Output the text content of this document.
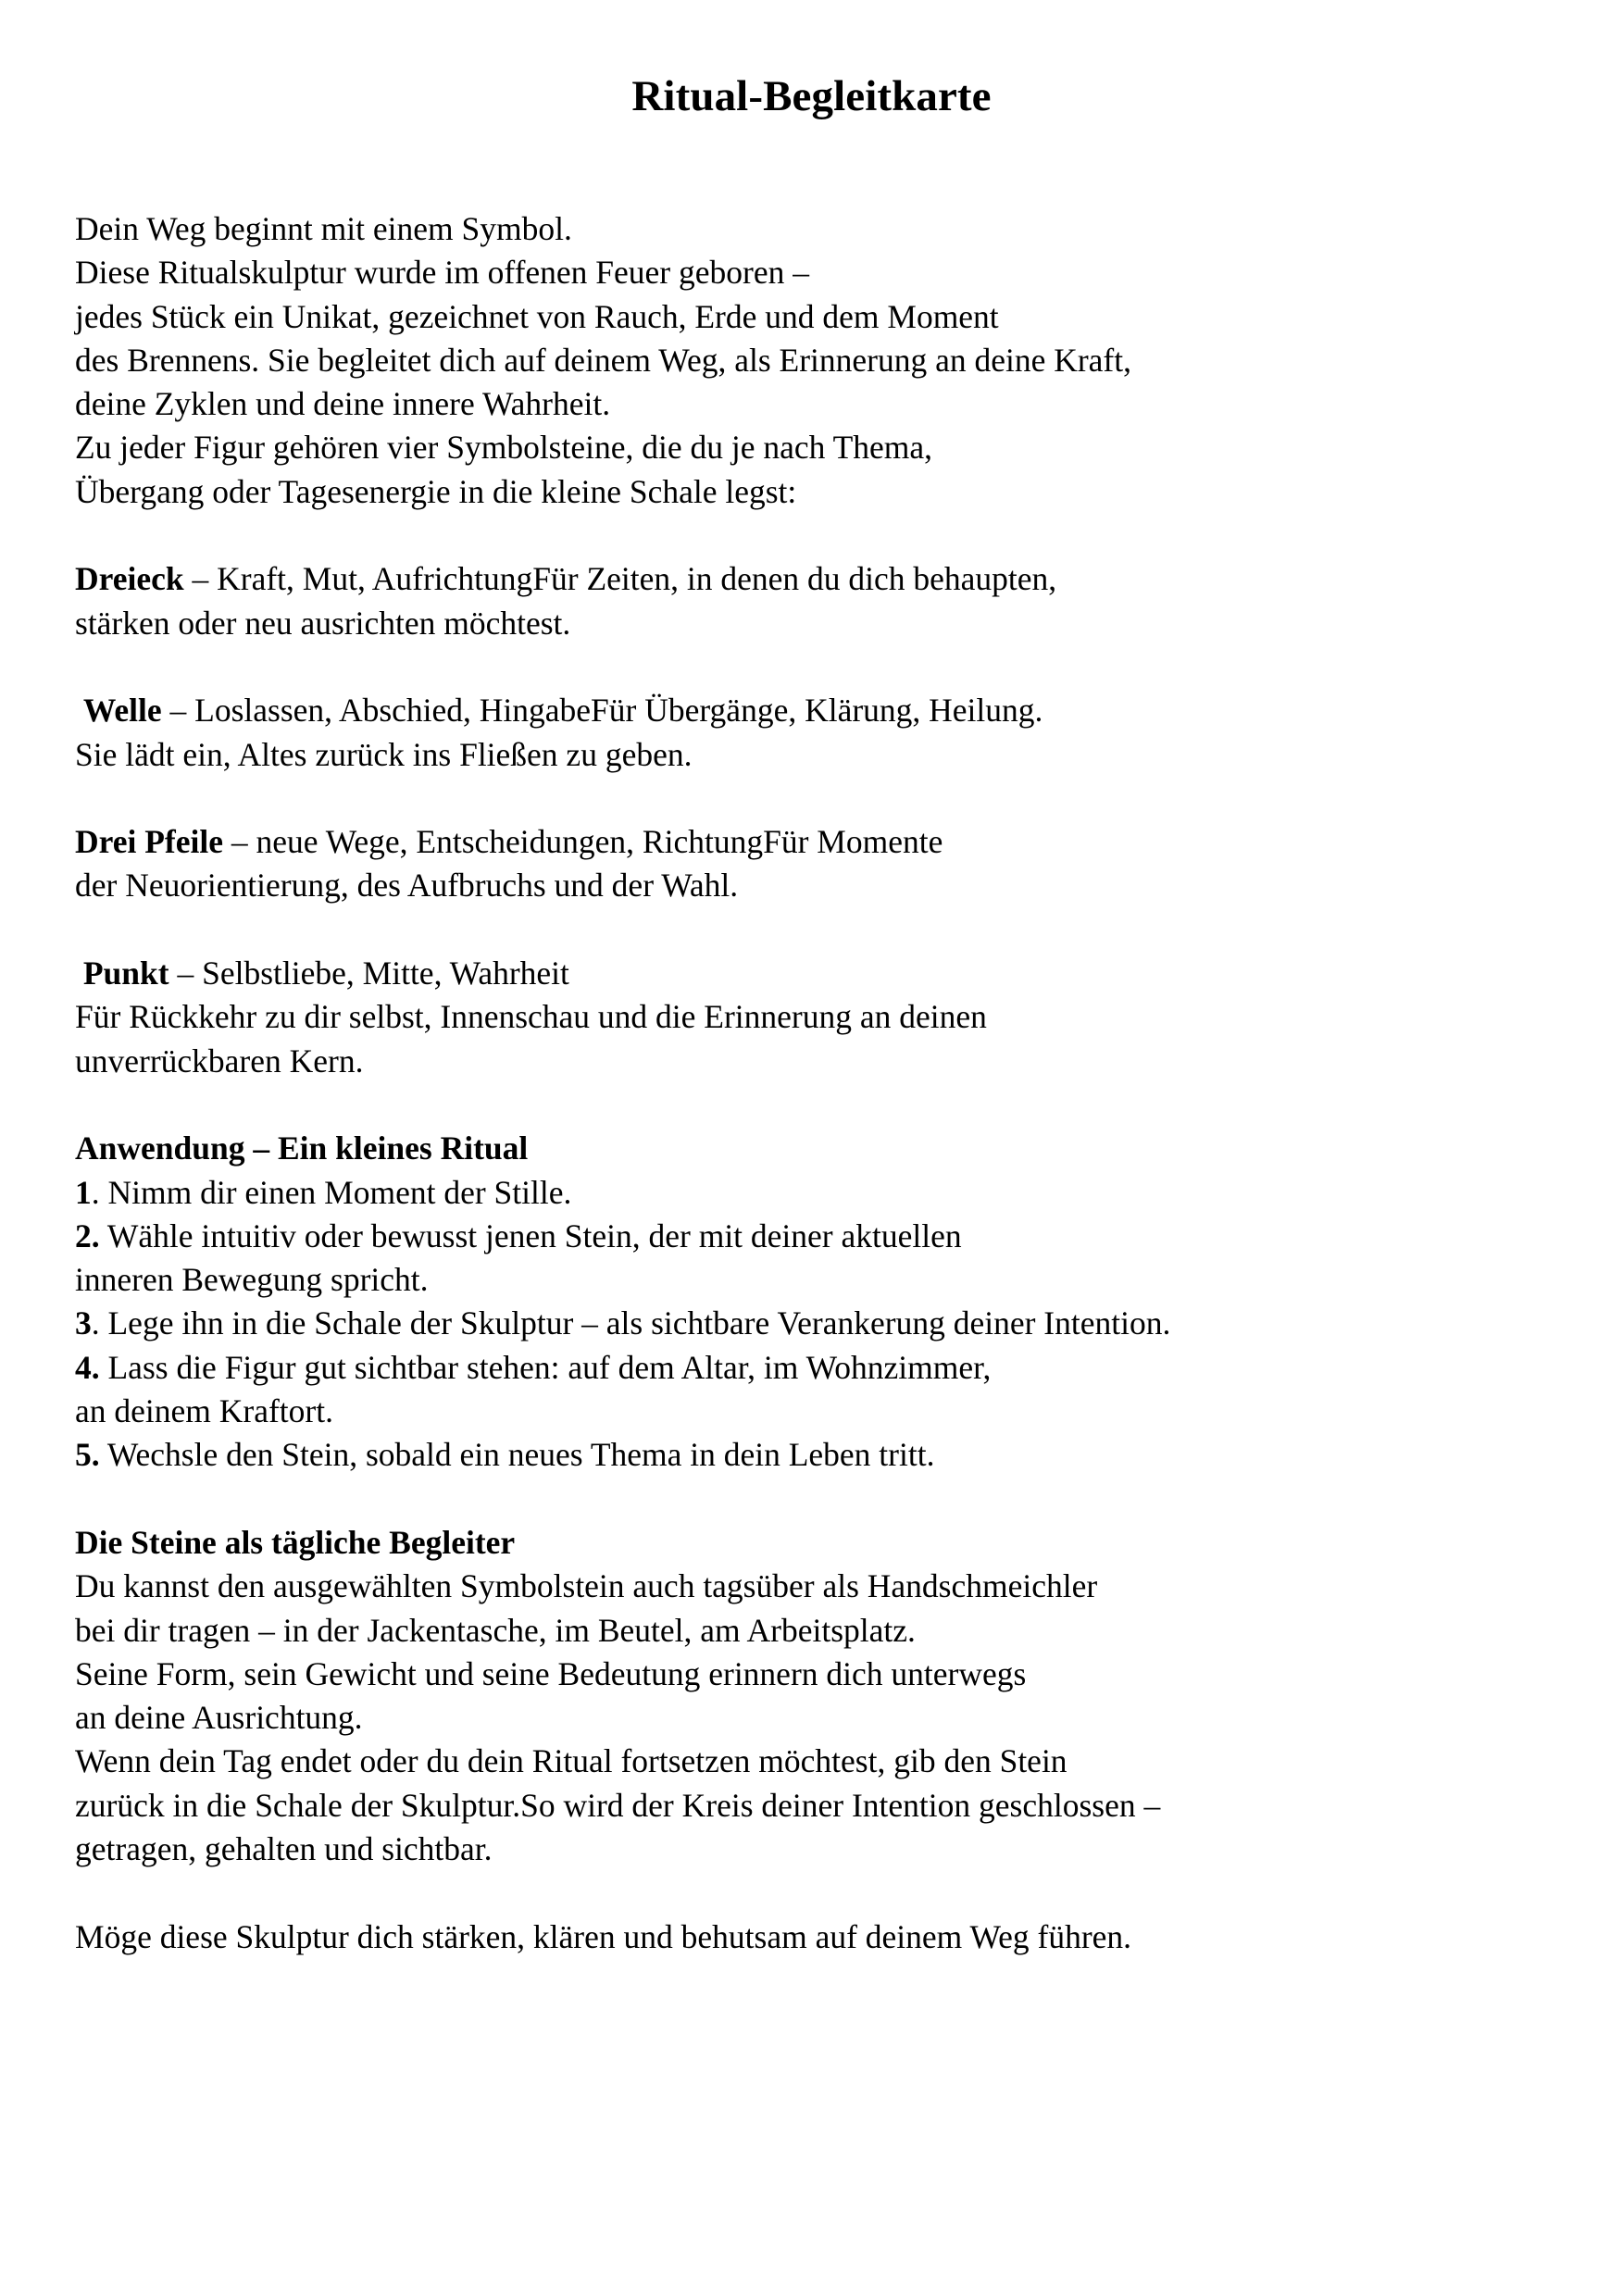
Ritual-Begleitkarte

Dein Weg beginnt mit einem Symbol.

Diese Ritualskulptur wurde im offenen Feuer geboren –

jedes Stück ein Unikat, gezeichnet von Rauch, Erde und dem Moment

des Brennens. Sie begleitet dich auf deinem Weg, als Erinnerung an deine Kraft,

deine Zyklen und deine innere Wahrheit.

Zu jeder Figur gehören vier Symbolsteine, die du je nach Thema,

Übergang oder Tagesenergie in die kleine Schale legst:

Dreieck – Kraft, Mut, AufrichtungFür Zeiten, in denen du dich behaupten,

stärken oder neu ausrichten möchtest.

Welle – Loslassen, Abschied, HingabeFür Übergänge, Klärung, Heilung.

Sie lädt ein, Altes zurück ins Fließen zu geben.

Drei Pfeile – neue Wege, Entscheidungen, RichtungFür Momente

der Neuorientierung, des Aufbruchs und der Wahl.

Punkt – Selbstliebe, Mitte, Wahrheit

Für Rückkehr zu dir selbst, Innenschau und die Erinnerung an deinen

unverrückbaren Kern.

Anwendung – Ein kleines Ritual

1. Nimm dir einen Moment der Stille.

2. Wähle intuitiv oder bewusst jenen Stein, der mit deiner aktuellen

inneren Bewegung spricht.

3. Lege ihn in die Schale der Skulptur – als sichtbare Verankerung deiner Intention.

4. Lass die Figur gut sichtbar stehen: auf dem Altar, im Wohnzimmer,

an deinem Kraftort.

5. Wechsle den Stein, sobald ein neues Thema in dein Leben tritt.

Die Steine als tägliche Begleiter

Du kannst den ausgewählten Symbolstein auch tagsüber als Handschmeichler

bei dir tragen – in der Jackentasche, im Beutel, am Arbeitsplatz.

Seine Form, sein Gewicht und seine Bedeutung erinnern dich unterwegs

an deine Ausrichtung.

Wenn dein Tag endet oder du dein Ritual fortsetzen möchtest, gib den Stein

zurück in die Schale der Skulptur.So wird der Kreis deiner Intention geschlossen –

getragen, gehalten und sichtbar.

Möge diese Skulptur dich stärken, klären und behutsam auf deinem Weg führen.
